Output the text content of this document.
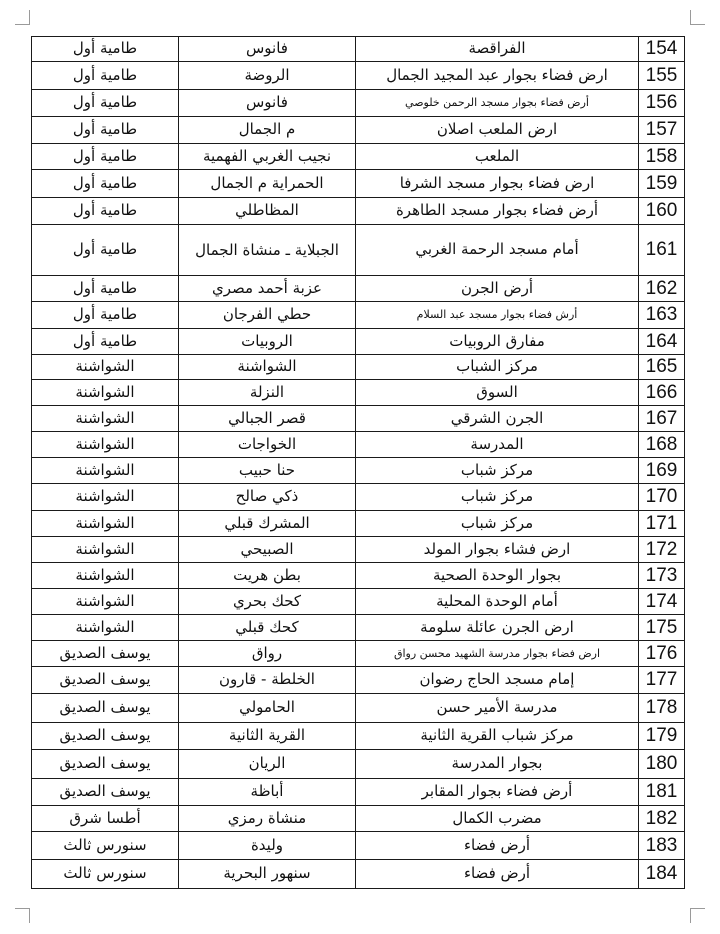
154	الفراقصة	فانوس	طامية أول
155	ارض فضاء بجوار عبد المجيد الجمال	الروضة	طامية أول
156	أرض فضاء بجوار مسجد الرحمن خلوصي	فانوس	طامية أول
157	ارض الملعب اصلان	م الجمال	طامية أول
158	الملعب	نجيب الغربي الفهمية	طامية أول
159	ارض فضاء بجوار مسجد الشرفا	الحمراية م الجمال	طامية أول
160	أرض فضاء بجوار مسجد الطاهرة	المظاطلي	طامية أول
161	أمام مسجد الرحمة الغربي	الجبلاية ـ منشاة الجمال	طامية أول
162	أرض الجرن	عزبة أحمد مصري	طامية أول
163	أرش فضاء بجوار مسجد عبد السلام	حطي الفرجان	طامية أول
164	مفارق الروبيات	الروبيات	طامية أول
165	مركز الشباب	الشواشنة	الشواشنة
166	السوق	النزلة	الشواشنة
167	الجرن الشرقي	قصر الجبالي	الشواشنة
168	المدرسة	الخواجات	الشواشنة
169	مركز شباب	حنا حبيب	الشواشنة
170	مركز شباب	ذكي صالح	الشواشنة
171	مركز شباب	المشرك قبلي	الشواشنة
172	ارض فشاء بجوار المولد	الصبيحي	الشواشنة
173	بجوار الوحدة الصحية	بطن هريت	الشواشنة
174	أمام الوحدة المحلية	كحك بحري	الشواشنة
175	ارض الجرن عائلة سلومة	كحك قبلي	الشواشنة
176	ارض فضاء بجوار مدرسة الشهيد محسن رواق	رواق	يوسف الصديق
177	إمام مسجد الحاج رضوان	الخلطة - قارون	يوسف الصديق
178	مدرسة الأمير حسن	الحامولي	يوسف الصديق
179	مركز شباب القرية الثانية	القرية الثانية	يوسف الصديق
180	بجوار المدرسة	الريان	يوسف الصديق
181	أرض فضاء بجوار المقابر	أباظة	يوسف الصديق
182	مضرب الكمال	منشاة رمزي	أطسا شرق
183	أرض فضاء	وليدة	سنورس ثالث
184	أرض فضاء	سنهور البحرية	سنورس ثالث
